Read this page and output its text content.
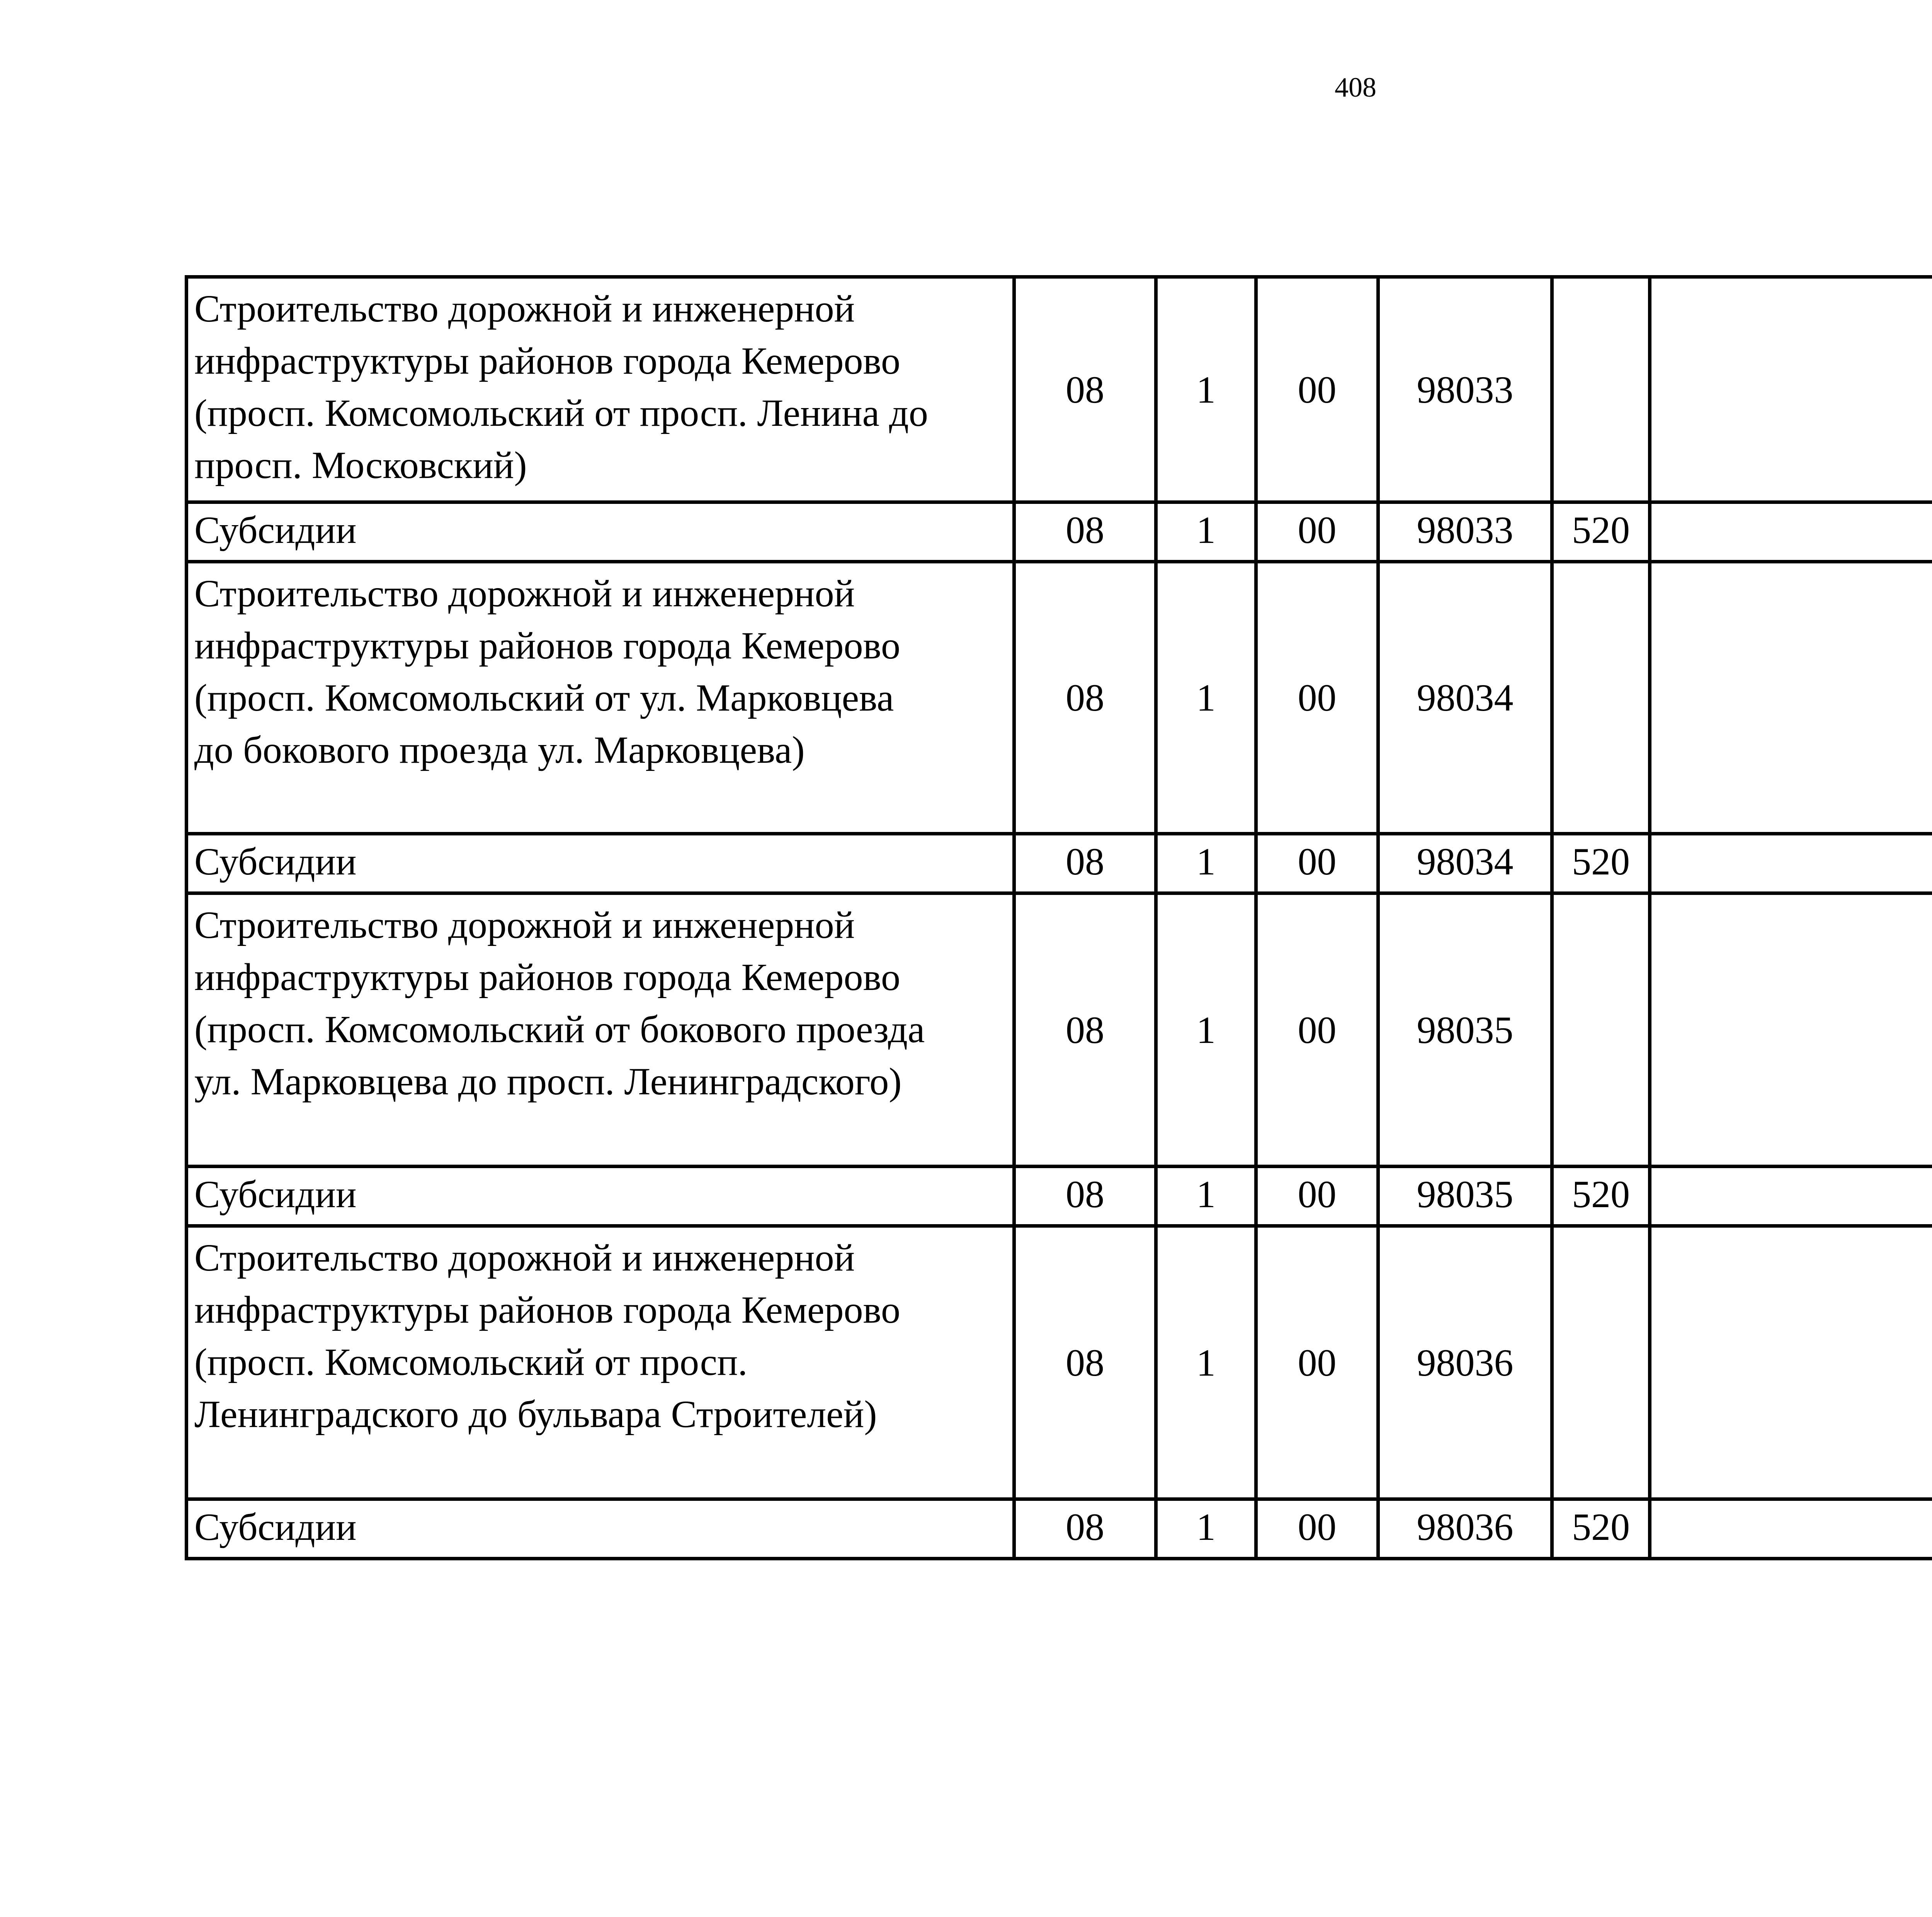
408
Строительство дорожной и инженерной
инфраструктуры районов города Кемерово
(просп. Комсомольский от просп. Ленина до
просп. Московский)	08	1	00	98033				
Субсидии	08	1	00	98033	520			
Строительство дорожной и инженерной
инфраструктуры районов города Кемерово
(просп. Комсомольский от ул. Марковцева
до бокового проезда ул. Марковцева)	08	1	00	98034				
Субсидии	08	1	00	98034	520			
Строительство дорожной и инженерной
инфраструктуры районов города Кемерово
(просп. Комсомольский от бокового проезда
ул. Марковцева до просп. Ленинградского)	08	1	00	98035				
Субсидии	08	1	00	98035	520			
Строительство дорожной и инженерной
инфраструктуры районов города Кемерово
(просп. Комсомольский от просп.
Ленинградского до бульвара Строителей)	08	1	00	98036				
Субсидии	08	1	00	98036	520			
